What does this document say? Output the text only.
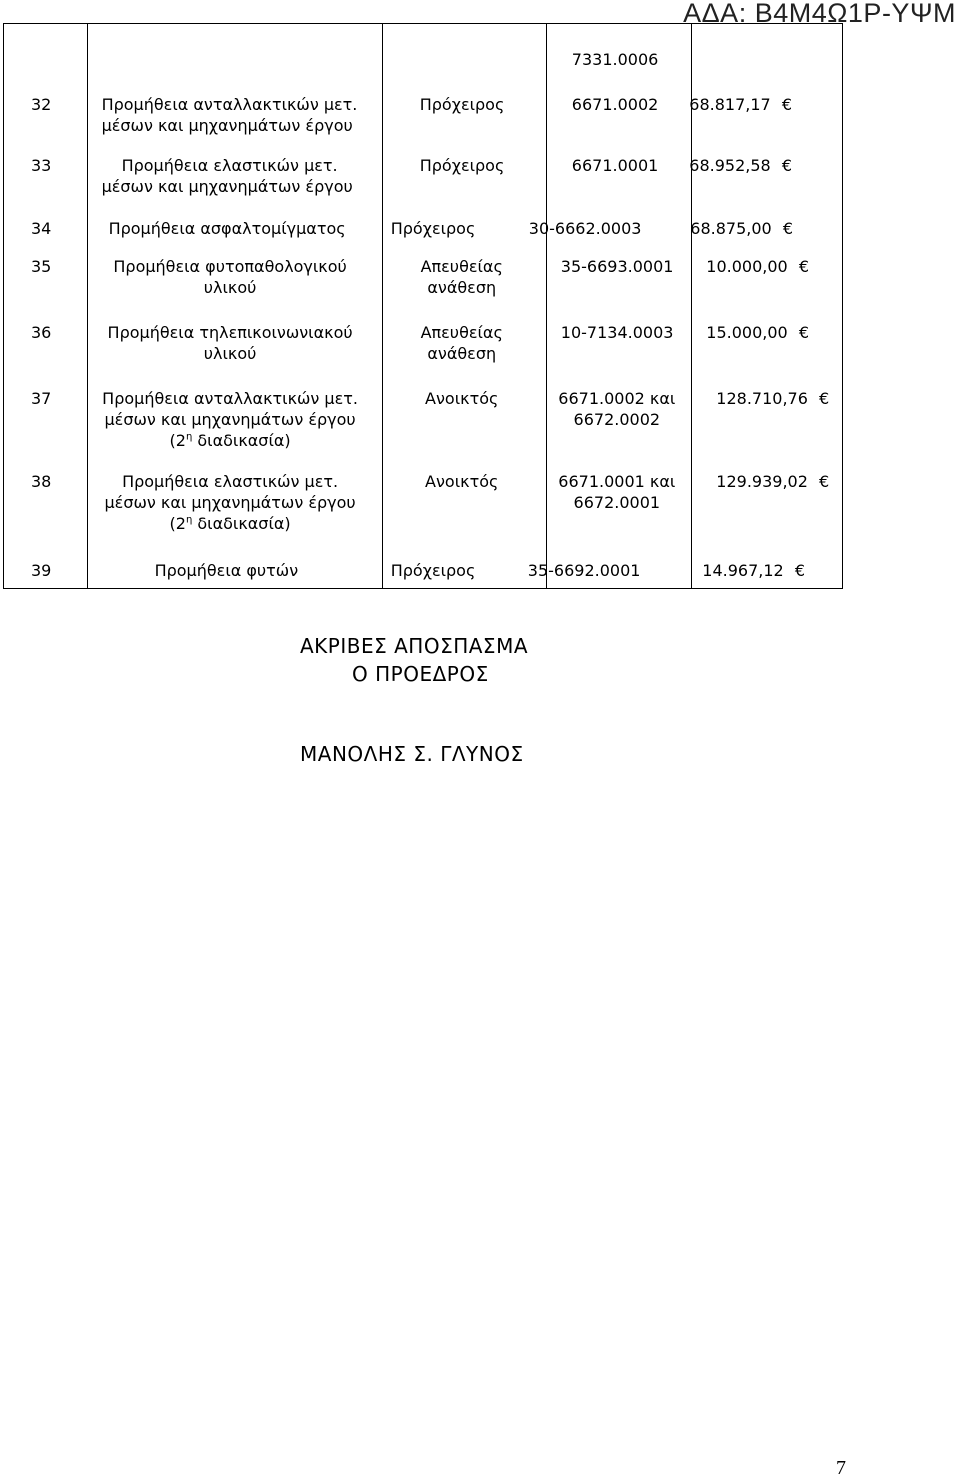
ΑΔΑ: Β4Μ4Ω1Ρ-ΥΨΜ

			7331.0006	

32	Προμήθεια ανταλλακτικών μετ.
μέσων και μηχανημάτων έργου	Πρόχειρος	6671.0002	68.817,17 €

33	Προμήθεια ελαστικών μετ.
μέσων και μηχανημάτων έργου	Πρόχειρος	6671.0001	68.952,58 €

34	Προμήθεια ασφαλτομίγματος	Πρόχειρος	30-6662.0003	68.875,00 €

35	Προμήθεια φυτοπαθολογικού
υλικού	Απευθείας
ανάθεση	35-6693.0001	10.000,00 €

36	Προμήθεια τηλεπικοινωνιακού
υλικού	Απευθείας
ανάθεση	10-7134.0003	15.000,00 €

37	Προμήθεια ανταλλακτικών μετ.
μέσων και μηχανημάτων έργου
($2^\eta$ διαδικασία)	Ανοικτός	6671.0002 και
6672.0002	128.710,76 €

38	Προμήθεια ελαστικών μετ.
μέσων και μηχανημάτων έργου
($2^\eta$ διαδικασία)	Ανοικτός	6671.0001 και
6672.0001	129.939,02 €

39	Προμήθεια φυτών	Πρόχειρος	35-6692.0001	14.967,12 €
ΑΚΡΙΒΕΣ ΑΠΟΣΠΑΣΜΑ
Ο ΠΡΟΕΔΡΟΣ
ΜΑΝΟΛΗΣ Σ. ΓΛΥΝΟΣ
7
